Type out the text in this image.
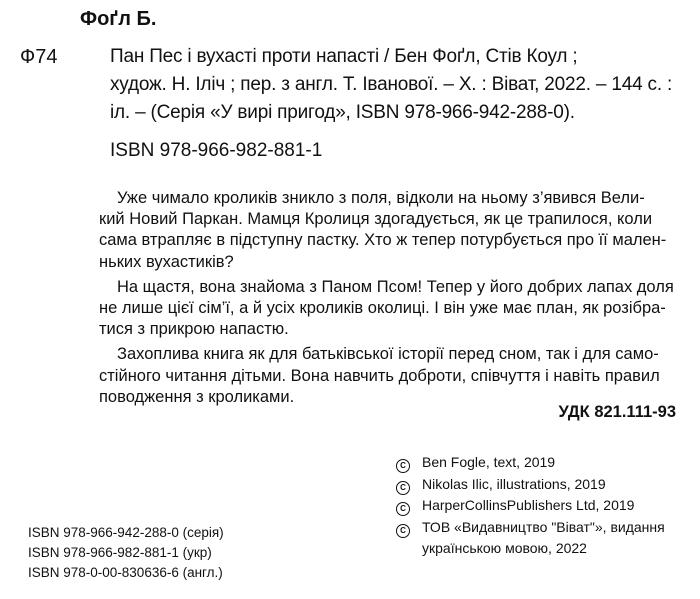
Фоґл Б.
Ф74	Пан Пес і вухасті проти напасті / Бен Фоґл, Стів Коул ;
худож. Н. Іліч ; пер. з англ. Т. Іванової. – Х. : Віват, 2022. – 144 с. :
іл. – (Серія «У вирі пригод», ISBN 978-966-942-288-0).
ISBN 978-966-982-881-1

Уже чимало кроликів зникло з поля, відколи на ньому з’явився Вели-

кий Новий Паркан. Мамця Кролиця здогадується, як це трапилося, коли

сама втрапляє в підступну пастку. Хто ж тепер потурбується про її мален-

ньких вухастиків?

На щастя, вона знайома з Паном Псом! Тепер у його добрих лапах доля

не лише цієї сім’ї, а й усіх кроликів околиці. І він уже має план, як розібра-

тися з прикрою напастю.

Захоплива книга як для батьківської історії перед сном, так і для само-

стійного читання дітьми. Вона навчить доброти, співчуття і навіть правил

поводження з кроликами.

УДК 821.111-93
C	Ben Fogle, text, 2019
C	Nikolas Ilic, illustrations, 2019
C	HarperCollinsPublishers Ltd, 2019
C	ТОВ «Видавництво "Віват"», видання
українською мовою, 2022
ISBN 978-966-942-288-0 (серія)
ISBN 978-966-982-881-1 (укр)
ISBN 978-0-00-830636-6 (англ.)
